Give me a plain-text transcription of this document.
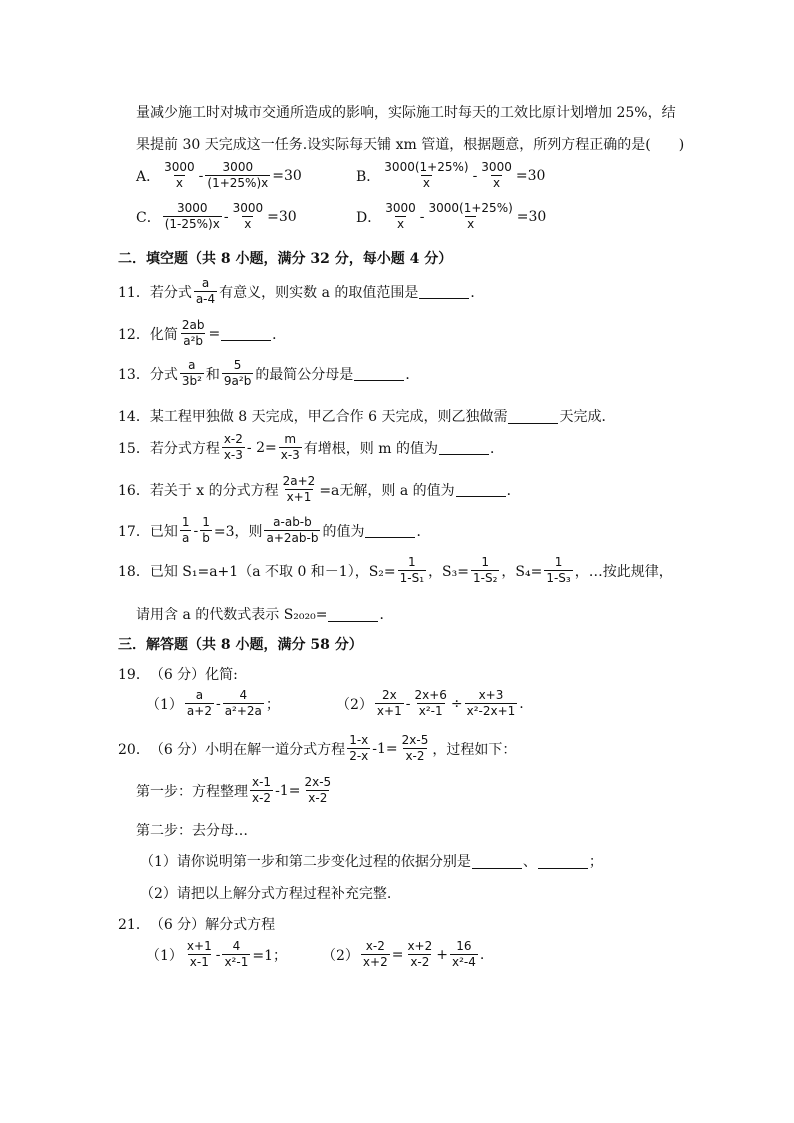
量减少施工时对城市交通所造成的影响，实际施工时每天的工效比原计划增加 25%，结
果提前 30 天完成这一任务.设实际每天铺 xm 管道，根据题意，所列方程正确的是(　　)
A． $\frac{3000}{x} - \frac{3000}{(1+25\%)x} =30$	B． $\frac{3000(1+25\%)}{x} - \frac{3000}{x} =30$
C． $\frac{3000}{(1-25\%)x} - \frac{3000}{x} =30$	D． $\frac{3000}{x} - \frac{3000(1+25\%)}{x} =30$
二．填空题（共 8 小题，满分 32 分，每小题 4 分）
11． 若分式 $\frac{a}{a-4}$ 有意义，则实数 a 的取值范围是	．
12． 化简 $\frac{2ab}{\text{a²b}}$ =	．
13． 分式 $\frac{a}{\text{3b²}}$ 和 $\frac{5}{\text{9a²b}}$ 的最简公分母是	．
14． 某工程甲独做 8 天完成，甲乙合作 6 天完成，则乙独做需	天完成．
15． 若分式方程 $\frac{x-2}{x-3} - 2= \frac{m}{x-3}$ 有增根，则 m 的值为	．
16． 若关于 x 的分式方程 $\frac{2a+2}{x+1} =a$无解，则 a 的值为	．
17． 已知 $\frac{1}{a} - \frac{1}{b} =3$，则 $\frac{a-ab-b}{a+2ab-b}$ 的值为	．
18． 已知 S₁=a+1（a 不取 0 和－1），$S_2= \frac{1}{\text{1-S₁}}$ ，$S_3= \frac{1}{\text{1-S₂}}$ ，$S_4= \frac{1}{\text{1-S₃}}$ ，…按此规律，
请用含 a 的代数式表示 S₂₀₂₀=	．
三．解答题（共 8 小题，满分 58 分）
19． （6 分）化简:
$(1) \frac{a}{a+2} - \frac{4}{\text{a²+2a}}$ ；	$(2) \frac{2x}{x+1} - \frac{2x+6}{\text{x²-1}} \div \frac{x+3}{\text{x²-2x+1}}$ .
20． （6 分）小明在解一道分式方程 $\frac{1-x}{2-x} -1= \frac{2x-5}{x-2}$ ，过程如下：
第一步：方程整理 $\frac{x-1}{x-2} -1= \frac{2x-5}{x-2}$
第二步：去分母…
（1）请你说明第一步和第二步变化过程的依据分别是	、	；
（2）请把以上解分式方程过程补充完整.
21． （6 分）解分式方程
$(1) \frac{x+1}{x-1} - \frac{4}{\text{x²-1}} =1$；	$(2) \frac{x-2}{x+2} = \frac{x+2}{x-2} + \frac{16}{\text{x²-4}}$ .
